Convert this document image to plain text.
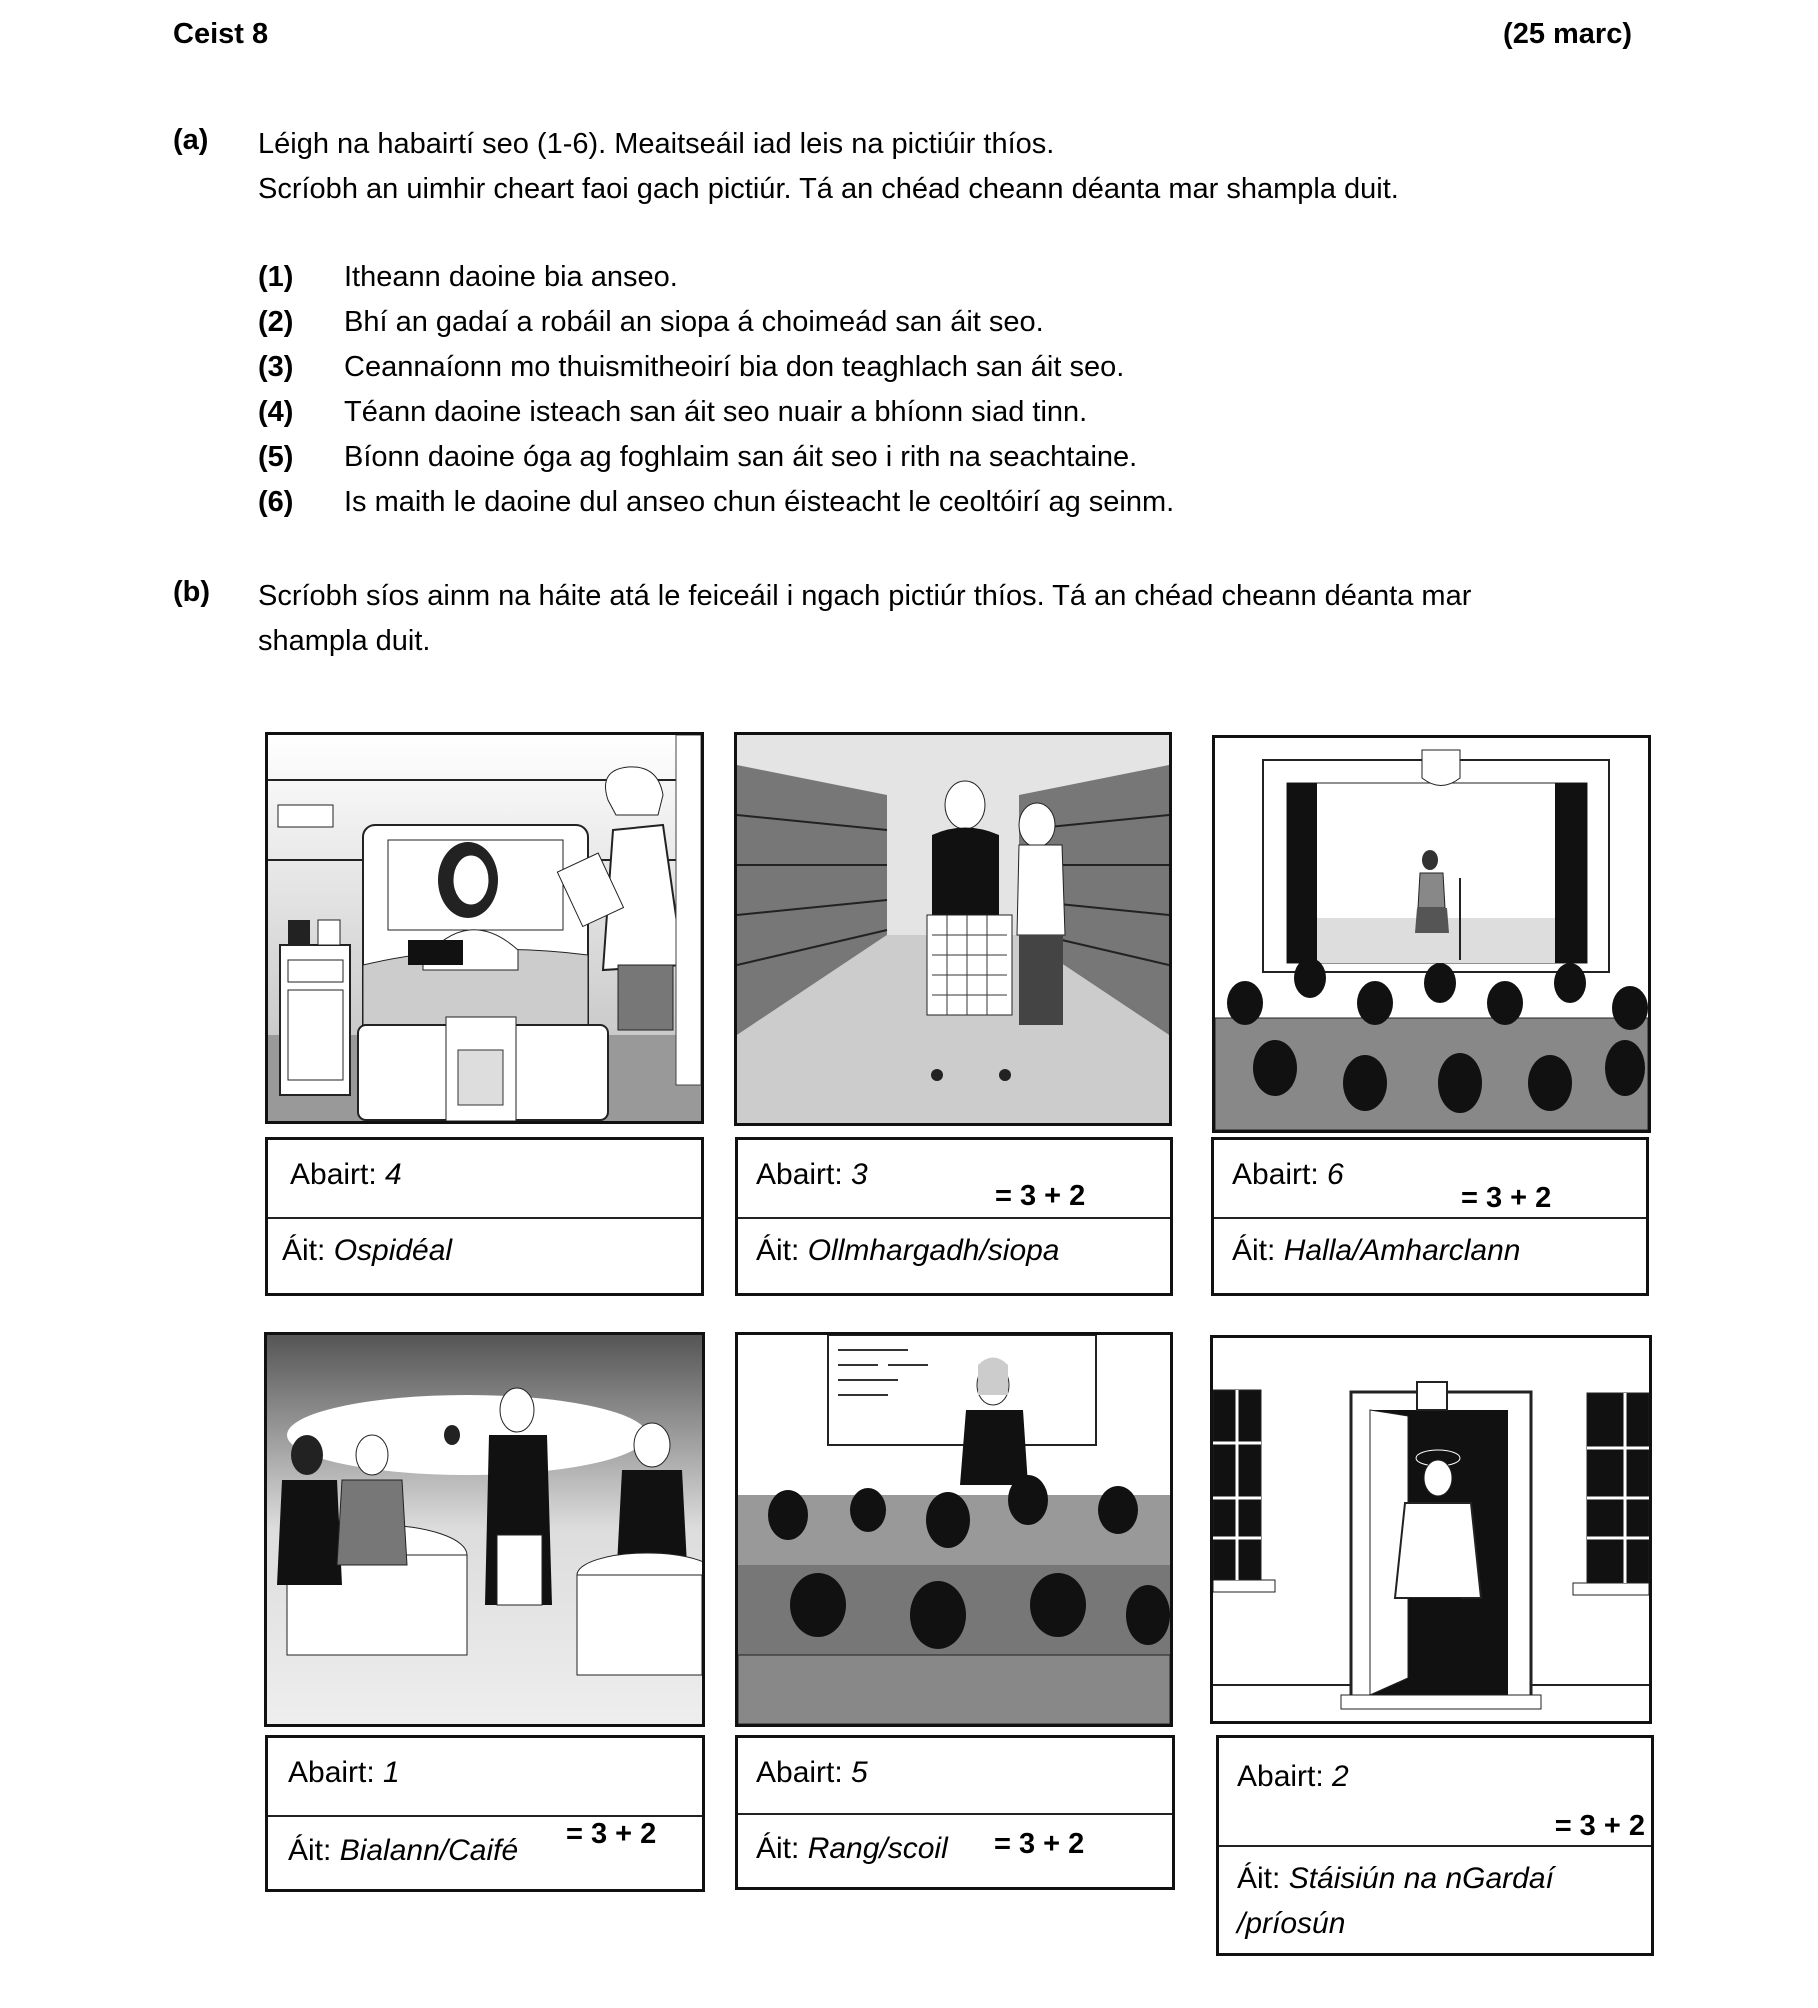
Ceist 8	(25 marc)
(a) Léigh na habairtí seo (1-6). Meaitseáil iad leis na pictiúir thíos.
Scríobh an uimhir cheart faoi gach pictiúr. Tá an chéad cheann déanta mar shampla duit.
(1) Itheann daoine bia anseo.
(2) Bhí an gadaí a robáil an siopa á choimeád san áit seo.
(3) Ceannaíonn mo thuismitheoirí bia don teaghlach san áit seo.
(4) Téann daoine isteach san áit seo nuair a bhíonn siad tinn.
(5) Bíonn daoine óga ag foghlaim san áit seo i rith na seachtaine.
(6) Is maith le daoine dul anseo chun éisteacht le ceoltóirí ag seinm.
(b) Scríobh síos ainm na háite atá le feiceáil i ngach pictiúr thíos. Tá an chéad cheann déanta mar
shampla duit.
Abairt: 4
Áit: Ospidéal
Abairt: 3
= 3 + 2
Áit: Ollmhargadh/siopa
Abairt: 6
= 3 + 2
Áit: Halla/Amharclann
Abairt: 1
= 3 + 2
Áit: Bialann/Caifé
Abairt: 5
Áit: Rang/scoil = 3 + 2
Abairt: 2
= 3 + 2
Áit: Stáisiún na nGardaí
/príosún
